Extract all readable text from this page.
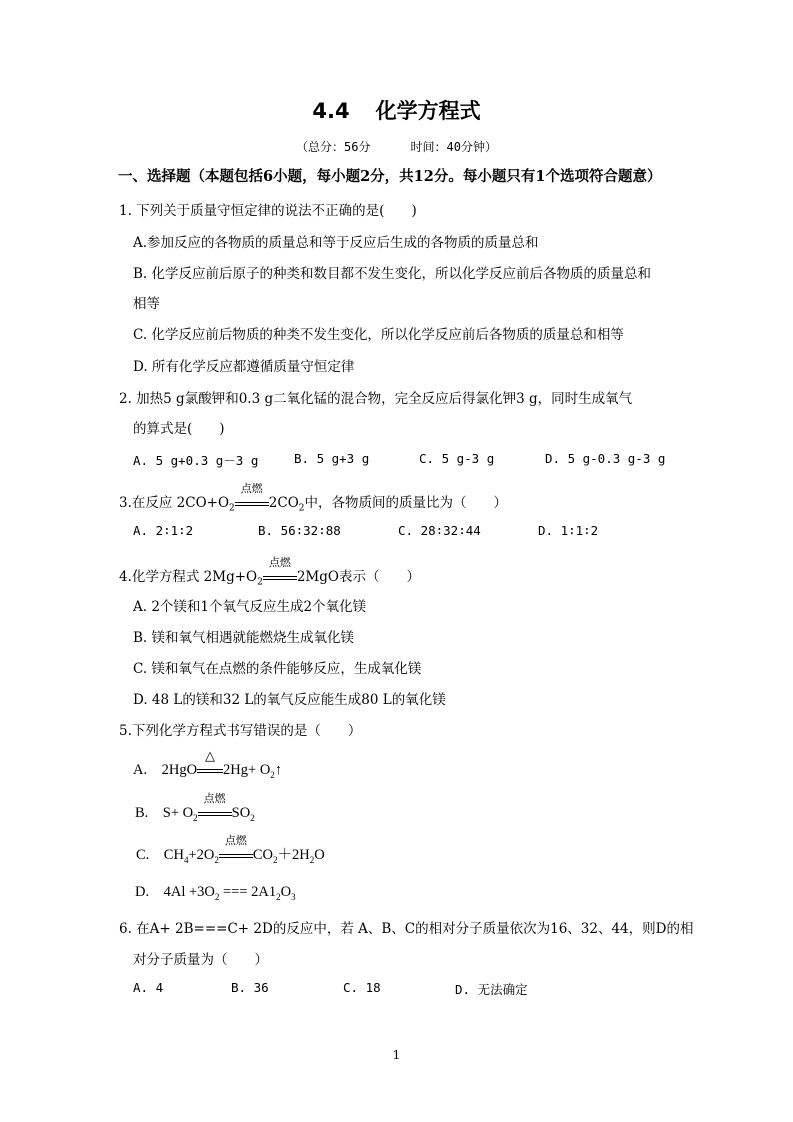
4.4 化学方程式
（总分：56分	时间：40分钟）
一、选择题（本题包括6小题，每小题2分，共12分。每小题只有1个选项符合题意）
1. 下列关于质量守恒定律的说法不正确的是(　　)
A.参加反应的各物质的质量总和等于反应后生成的各物质的质量总和
B. 化学反应前后原子的种类和数目都不发生变化，所以化学反应前后各物质的质量总和
相等
C. 化学反应前后物质的种类不发生变化，所以化学反应前后各物质的质量总和相等
D. 所有化学反应都遵循质量守恒定律
2. 加热5 g氯酸钾和0.3 g二氧化锰的混合物，完全反应后得氯化钾3 g，同时生成氧气
的算式是(　　)
A. 5 g+0.3 g－3 g	B. 5 g+3 g	C. 5 g-3 g	D. 5 g-0.3 g-3 g
3.在反应 $2CO+O_2$
点燃
$2CO_2$中，各物质间的质量比为（　　）
A. 2∶1∶2	B. 56∶32∶88	C. 28∶32∶44	D. 1∶1∶2
4.化学方程式 $2Mg+O_2$
点燃
2MgO表示（　　）
A. 2个镁和1个氧气反应生成2个氧化镁
B. 镁和氧气相遇就能燃烧生成氧化镁
C. 镁和氧气在点燃的条件能够反应，生成氧化镁
D. 48 L的镁和32 L的氧气反应能生成80 L的氧化镁
5.下列化学方程式书写错误的是（　　）
A.　2HgO
△
$2Hg+ O_2↑$
B.　$S+ O_2$
点燃
$SO_2$
C.　$CH_4+2O_2$
点燃
$CO_2+2H_2O$
D.　$4Al +3O_2$ === $2A1_2O_3$
6. 在A+ 2B===C+ 2D的反应中，若 A、B、C的相对分子质量依次为16、32、44，则D的相
对分子质量为（　　）
A. 4	B. 36	C. 18	D. 无法确定
1
